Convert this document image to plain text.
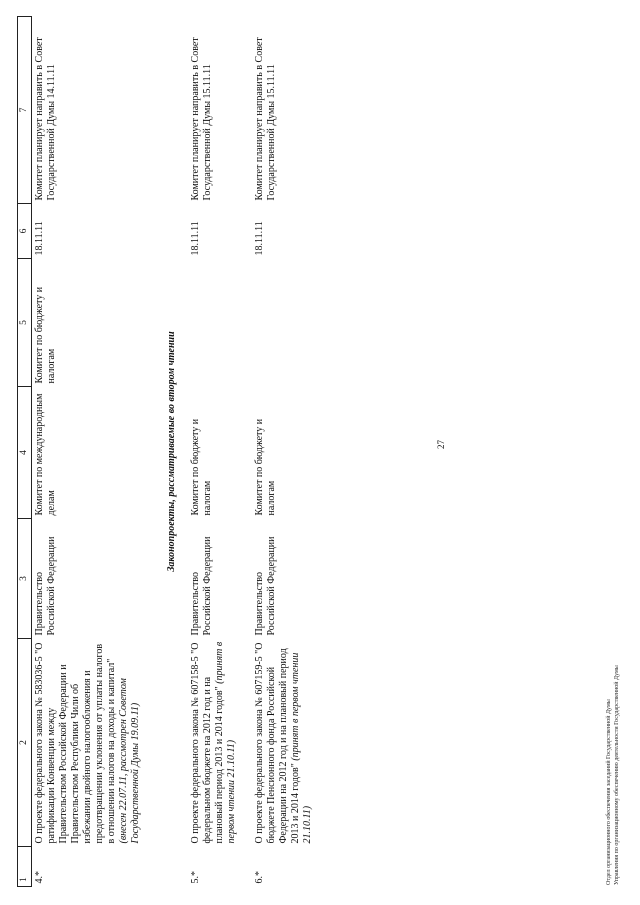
27
1	2	3	4	5	6	7
4.*	О проекте федерального закона № 583036-5 "О ратификации Конвенции между Правительством Российской Федерации и Правительством Республики Чили об избежании двойного налогообложения и предотвращении уклонения от уплаты налогов в отношении налогов на доходы и капитал" (внесен 22.07.11, рассмотрен Советом Государственной Думы 19.09.11)	Правительство Российской Федерации	Комитет по международным делам	Комитет по бюджету и налогам	18.11.11	Комитет планирует направить в Совет Государственной Думы 14.11.11
Законопроекты, рассматриваемые во втором чтении						
5.*	О проекте федерального закона № 607158-5 "О федеральном бюджете на 2012 год и на плановый период 2013 и 2014 годов" (принят в первом чтении 21.10.11)	Правительство Российской Федерации	Комитет по бюджету и налогам		18.11.11	Комитет планирует направить в Совет Государственной Думы 15.11.11
6.*	О проекте федерального закона № 607159-5 "О бюджете Пенсионного фонда Российской Федерации на 2012 год и на плановый период 2013 и 2014 годов" (принят в первом чтении 21.10.11)	Правительство Российской Федерации	Комитет по бюджету и налогам		18.11.11	Комитет планирует направить в Совет Государственной Думы 15.11.11
Отдел организационного обеспечения заседаний Государственной Думы Управления по организационному обеспечению деятельности Государственной Думы
